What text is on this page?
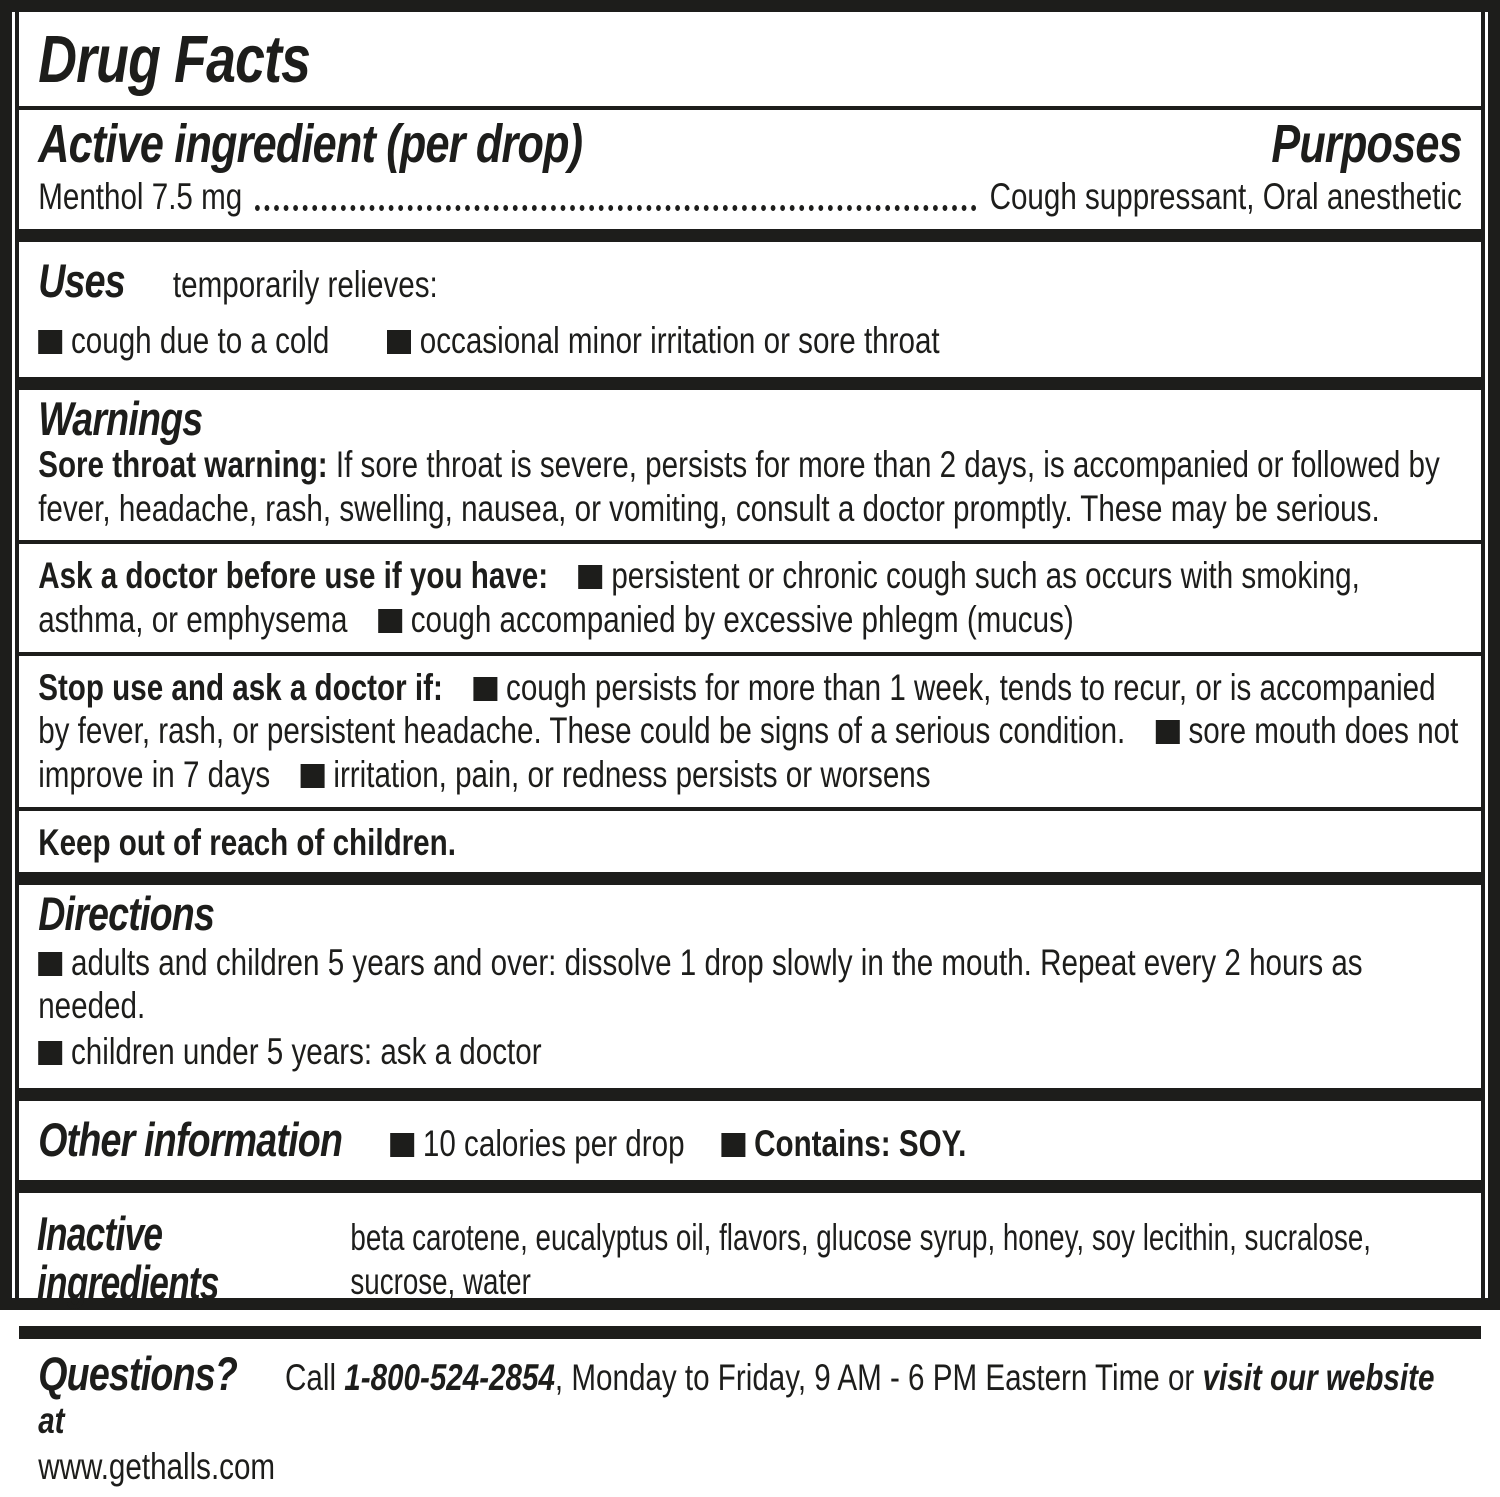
Drug Facts
Active ingredient (per drop)	Purposes
Menthol 7.5 mg	Cough suppressant, Oral anesthetic
Uses temporarily relieves:
cough due to a cold	occasional minor irritation or sore throat
Warnings

Sore throat warning: If sore throat is severe, persists for more than 2 days, is accompanied or followed by fever, headache, rash, swelling, nausea, or vomiting, consult a doctor promptly. These may be serious.

Ask a doctor before use if you have: persistent or chronic cough such as occurs with smoking, asthma, or emphysema cough accompanied by excessive phlegm (mucus)

Stop use and ask a doctor if: cough persists for more than 1 week, tends to recur, or is accompanied by fever, rash, or persistent headache. These could be signs of a serious condition. sore mouth does not improve in 7 days irritation, pain, or redness persists or worsens

Keep out of reach of children.

Directions
adults and children 5 years and over: dissolve 1 drop slowly in the mouth. Repeat every 2 hours as needed.
children under 5 years: ask a doctor
Other information	10 calories per drop	Contains: SOY.
Inactive ingredients
beta carotene, eucalyptus oil, flavors, glucose syrup, honey, soy lecithin, sucralose, sucrose, water

Questions? Call 1-800-524-2854, Monday to Friday, 9 AM - 6 PM Eastern Time or visit our website at

www.gethalls.com
